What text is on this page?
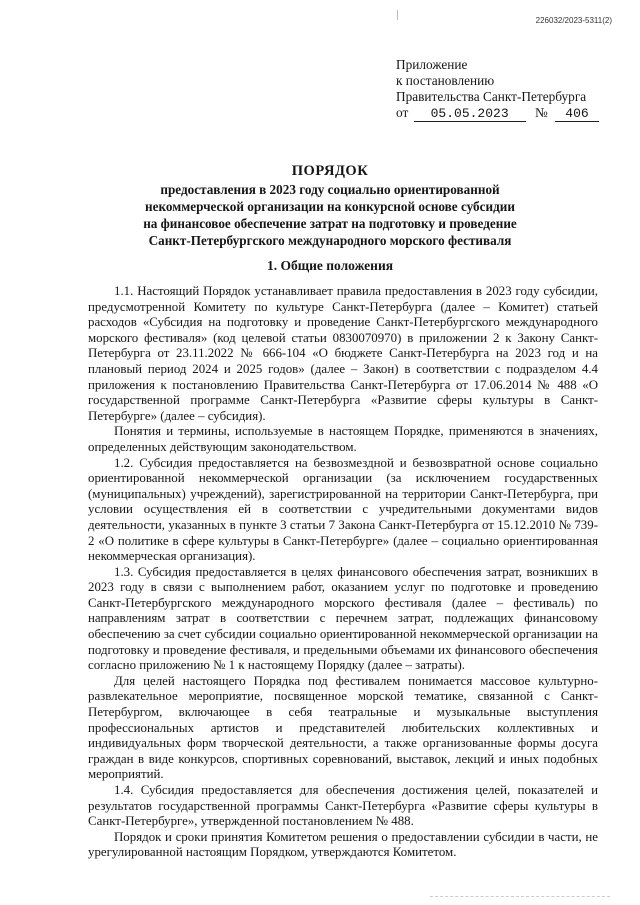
226032/2023-5311(2)
Приложение
к постановлению
Правительства Санкт-Петербурга
от 05.05.2023 № 406
ПОРЯДОК
предоставления в 2023 году социально ориентированной
некоммерческой организации на конкурсной основе субсидии
на финансовое обеспечение затрат на подготовку и проведение
Санкт-Петербургского международного морского фестиваля
1. Общие положения

1.1. Настоящий Порядок устанавливает правила предоставления в 2023 году субсидии, предусмотренной Комитету по культуре Санкт-Петербурга (далее – Комитет) статьей расходов «Субсидия на подготовку и проведение Санкт-Петербургского международного морского фестиваля» (код целевой статьи 0830070970) в приложении 2 к Закону Санкт-Петербурга от 23.11.2022 № 666-104 «О бюджете Санкт-Петербурга на 2023 год и на плановый период 2024 и 2025 годов» (далее – Закон) в соответствии с подразделом 4.4 приложения к постановлению Правительства Санкт-Петербурга от 17.06.2014 № 488 «О государственной программе Санкт-Петербурга «Развитие сферы культуры в Санкт-Петербурге» (далее – субсидия).

Понятия и термины, используемые в настоящем Порядке, применяются в значениях, определенных действующим законодательством.

1.2. Субсидия предоставляется на безвозмездной и безвозвратной основе социально ориентированной некоммерческой организации (за исключением государственных (муниципальных) учреждений), зарегистрированной на территории Санкт-Петербурга, при условии осуществления ей в соответствии с учредительными документами видов деятельности, указанных в пункте 3 статьи 7 Закона Санкт-Петербурга от 15.12.2010 № 739-2 «О политике в сфере культуры в Санкт-Петербурге» (далее – социально ориентированная некоммерческая организация).

1.3. Субсидия предоставляется в целях финансового обеспечения затрат, возникших в 2023 году в связи с выполнением работ, оказанием услуг по подготовке и проведению Санкт-Петербургского международного морского фестиваля (далее – фестиваль) по направлениям затрат в соответствии с перечнем затрат, подлежащих финансовому обеспечению за счет субсидии социально ориентированной некоммерческой организации на подготовку и проведение фестиваля, и предельными объемами их финансового обеспечения согласно приложению № 1 к настоящему Порядку (далее – затраты).

Для целей настоящего Порядка под фестивалем понимается массовое культурно-развлекательное мероприятие, посвященное морской тематике, связанной с Санкт-Петербургом, включающее в себя театральные и музыкальные выступления профессиональных артистов и представителей любительских коллективных и индивидуальных форм творческой деятельности, а также организованные формы досуга граждан в виде конкурсов, спортивных соревнований, выставок, лекций и иных подобных мероприятий.

1.4. Субсидия предоставляется для обеспечения достижения целей, показателей и результатов государственной программы Санкт-Петербурга «Развитие сферы культуры в Санкт-Петербурге», утвержденной постановлением № 488.

Порядок и сроки принятия Комитетом решения о предоставлении субсидии в части, не урегулированной настоящим Порядком, утверждаются Комитетом.
